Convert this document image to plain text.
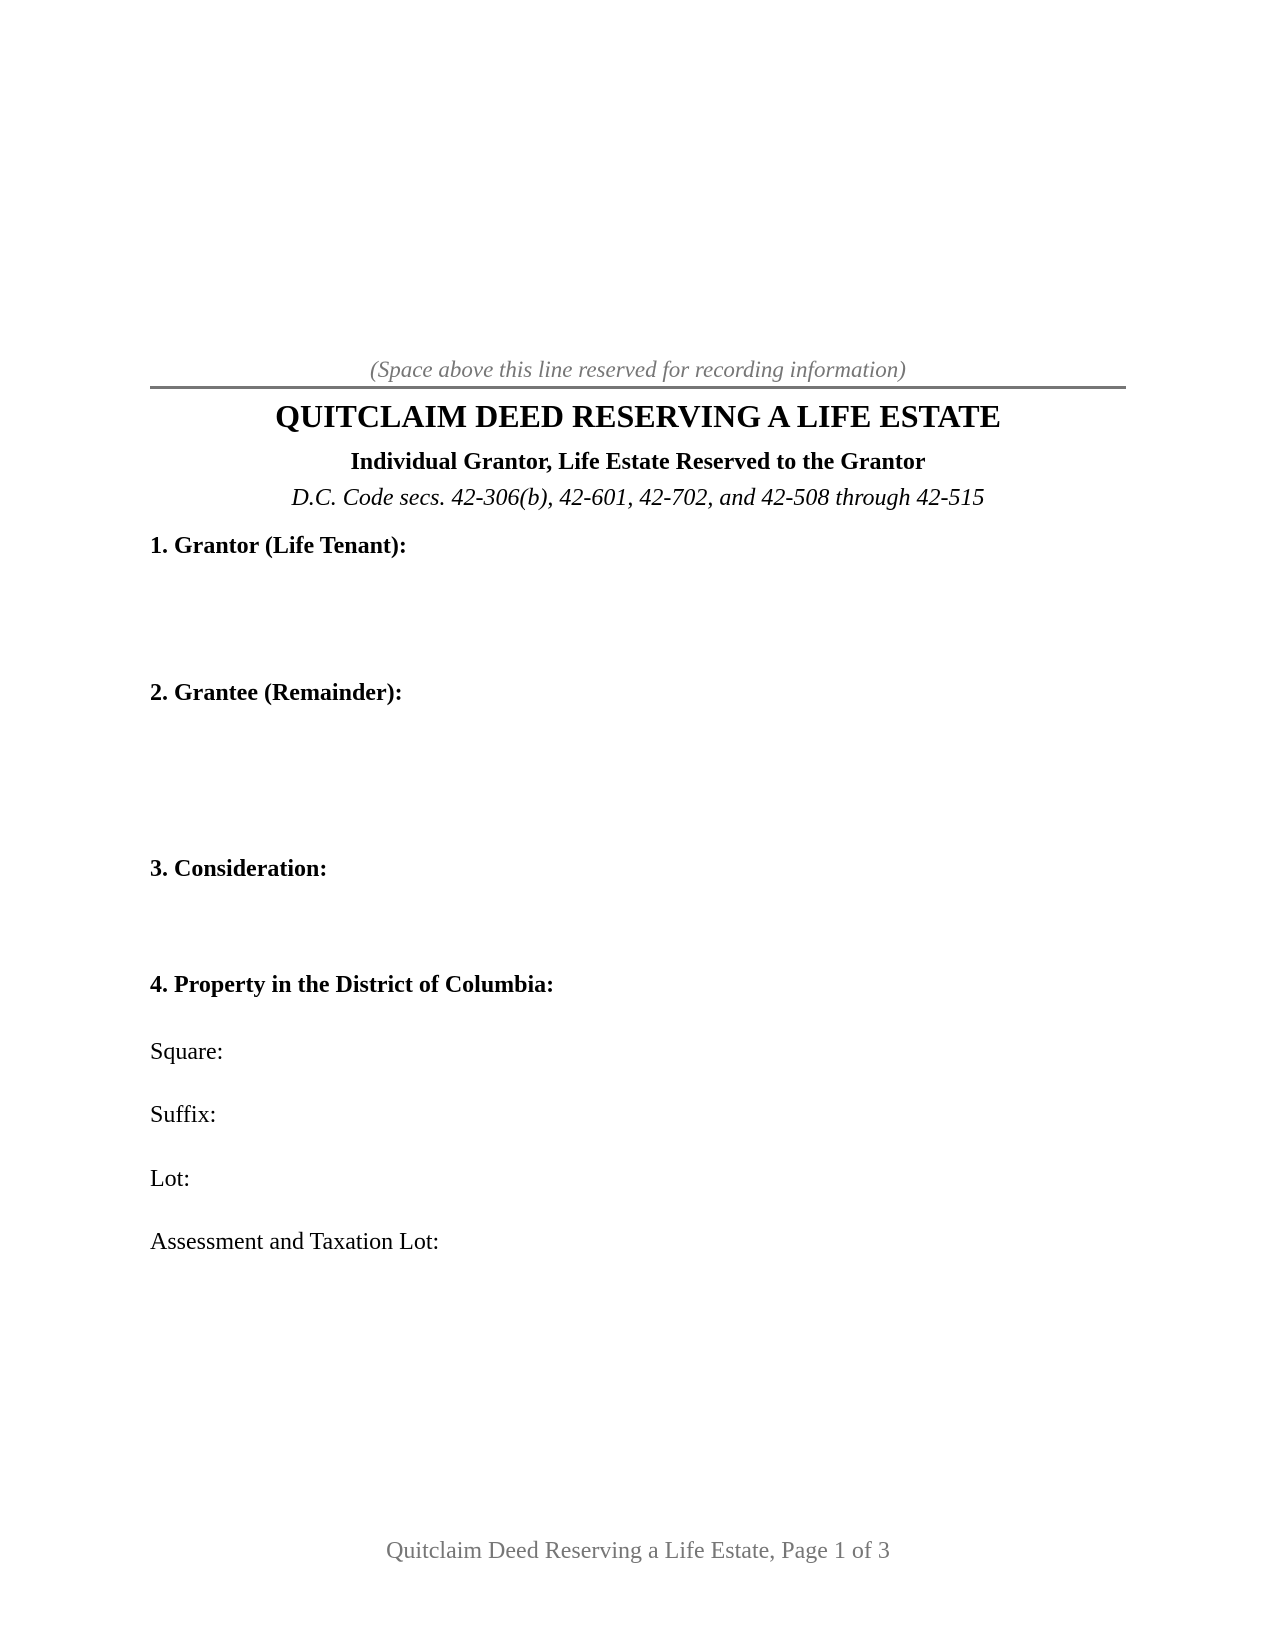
(Space above this line reserved for recording information)
QUITCLAIM DEED RESERVING A LIFE ESTATE
Individual Grantor, Life Estate Reserved to the Grantor
D.C. Code secs. 42-306(b), 42-601, 42-702, and 42-508 through 42-515
1. Grantor (Life Tenant):
2. Grantee (Remainder):
3. Consideration:
4. Property in the District of Columbia:
Square:
Suffix:
Lot:
Assessment and Taxation Lot:
Quitclaim Deed Reserving a Life Estate, Page 1 of 3
